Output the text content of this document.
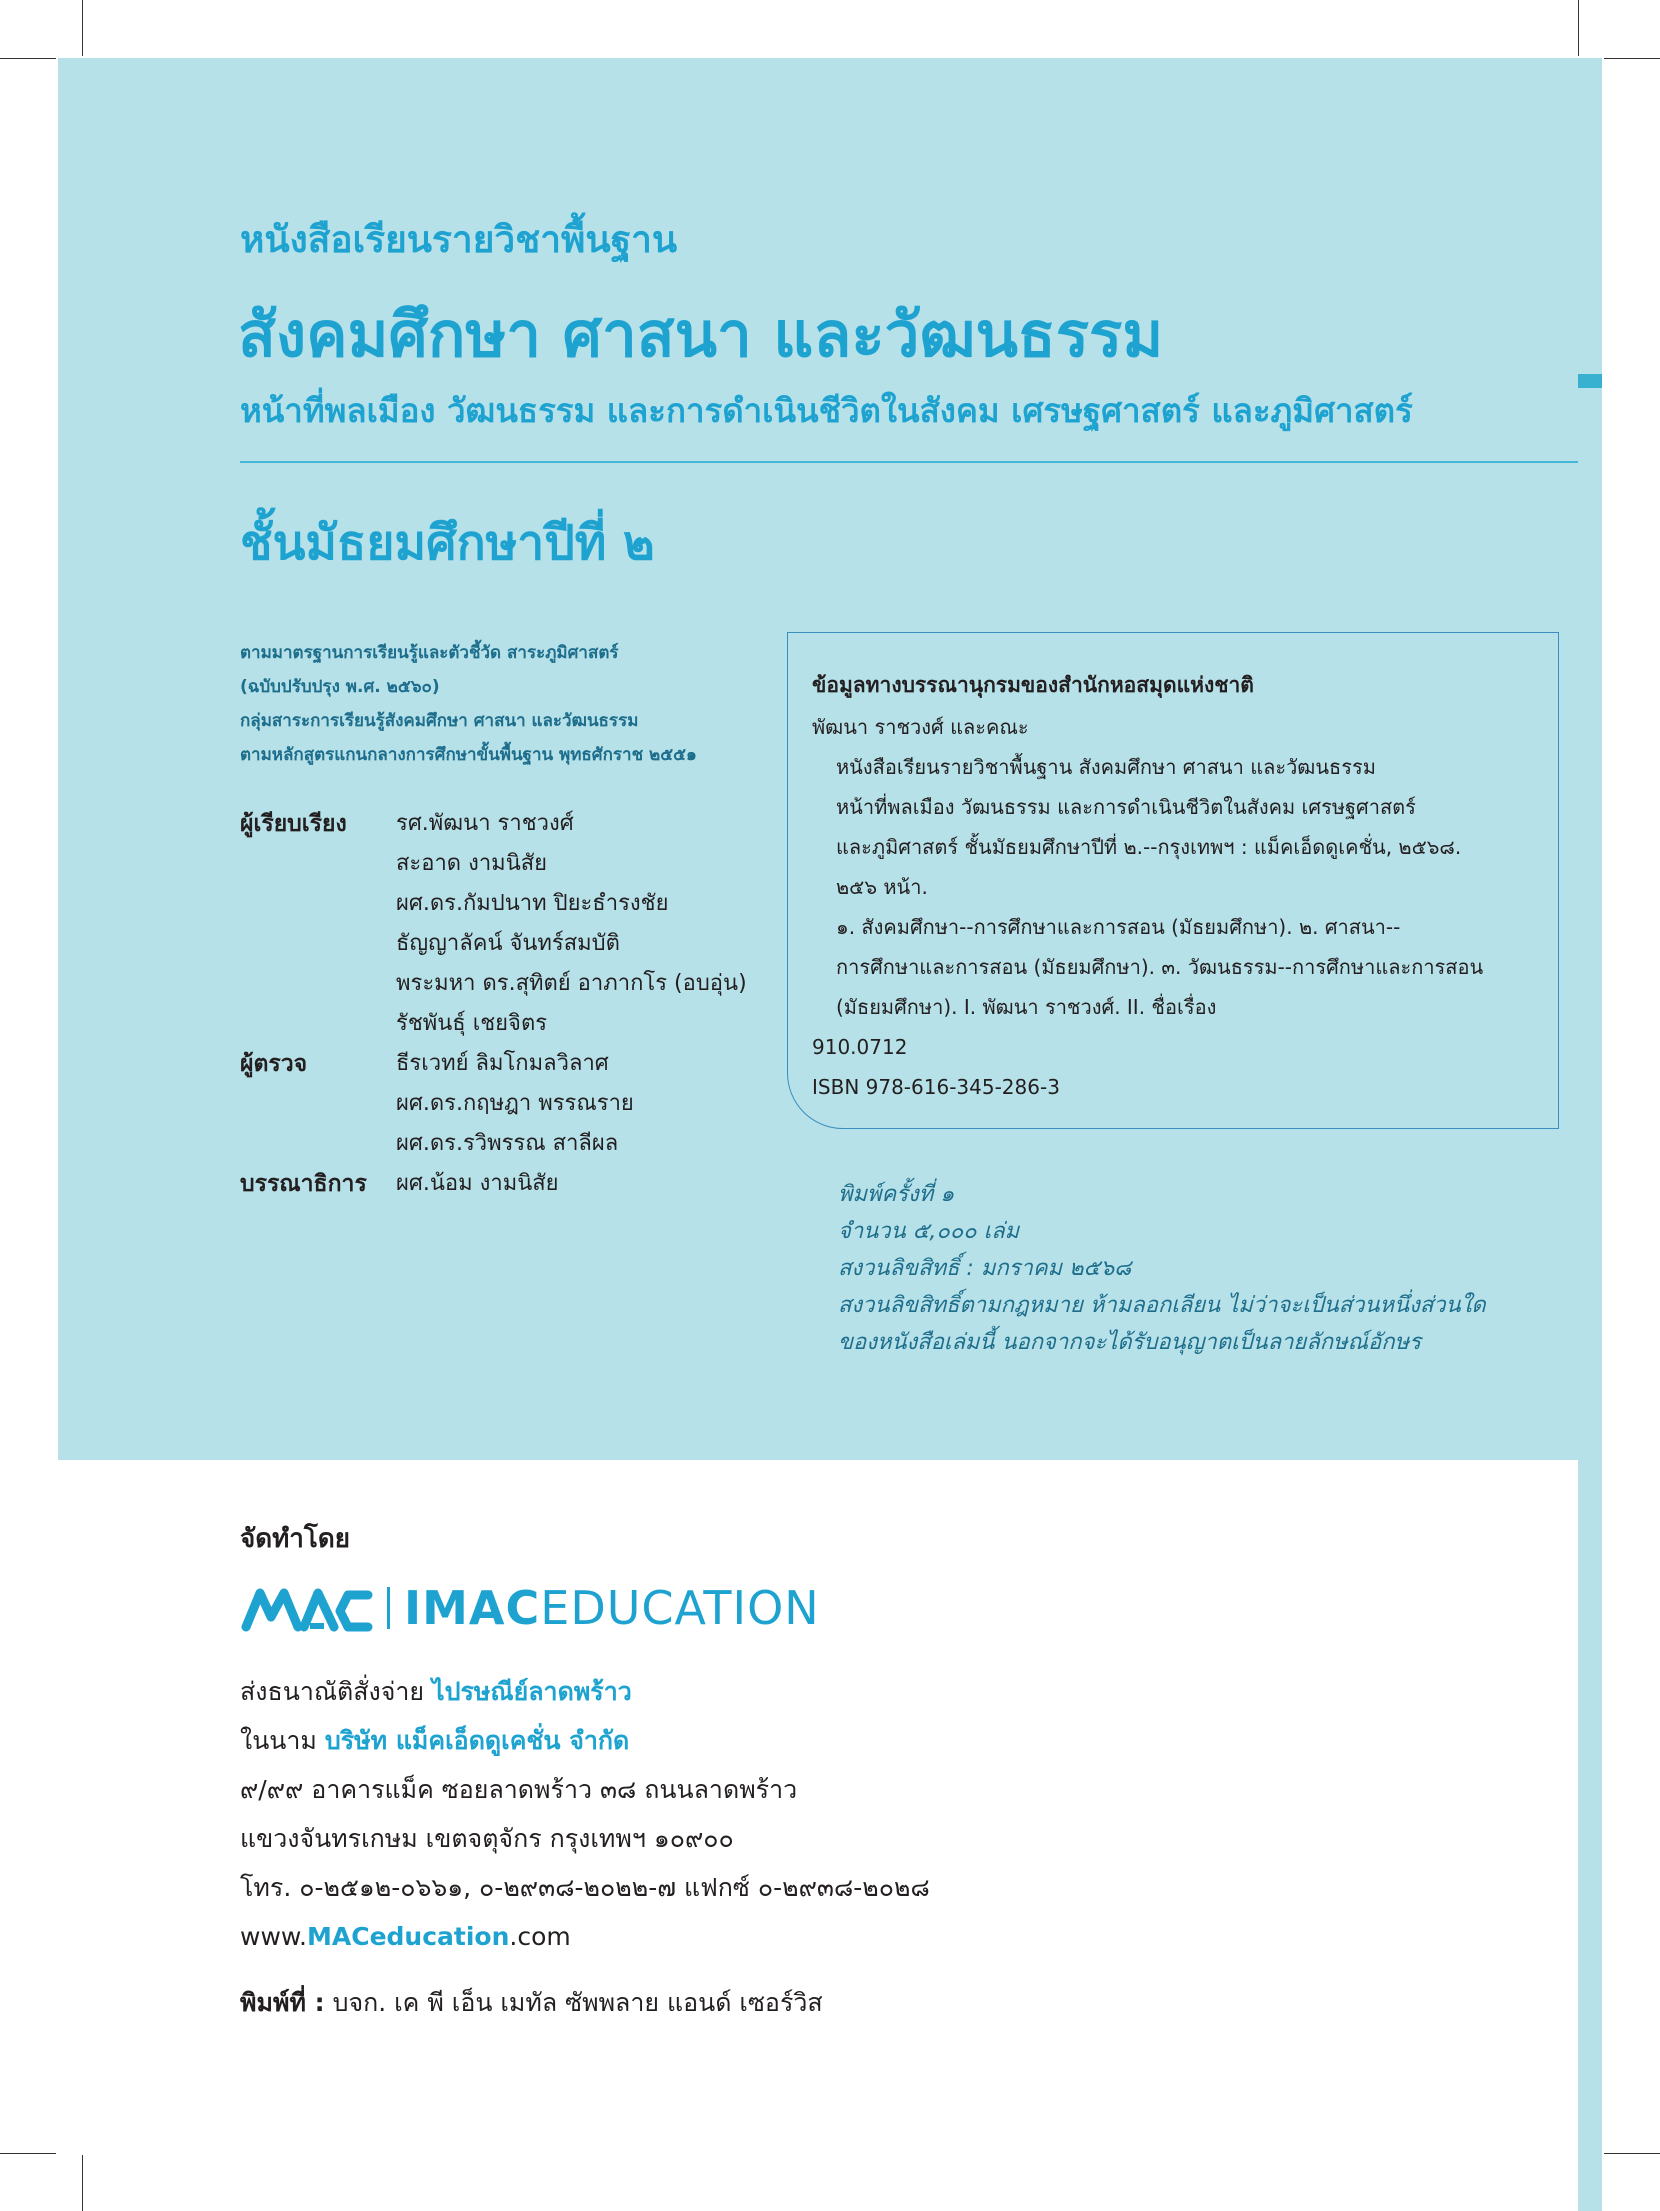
หนังสือเรียนรายวิชาพื้นฐาน
สังคมศึกษา ศาสนา และวัฒนธรรม
หน้าที่พลเมือง วัฒนธรรม และการดำเนินชีวิตในสังคม เศรษฐศาสตร์ และภูมิศาสตร์
ชั้นมัธยมศึกษาปีที่ ๒
ตามมาตรฐานการเรียนรู้และตัวชี้วัด สาระภูมิศาสตร์
(ฉบับปรับปรุง พ.ศ. ๒๕๖๐)
กลุ่มสาระการเรียนรู้สังคมศึกษา ศาสนา และวัฒนธรรม
ตามหลักสูตรแกนกลางการศึกษาขั้นพื้นฐาน พุทธศักราช ๒๕๕๑
ผู้เรียบเรียง	รศ.พัฒนา ราชวงศ์
สะอาด งามนิสัย
ผศ.ดร.กัมปนาท ปิยะธำรงชัย
ธัญญาลัคน์ จันทร์สมบัติ
พระมหา ดร.สุทิตย์ อาภากโร (อบอุ่น)
รัชพันธุ์ เชยจิตร
ผู้ตรวจ	ธีรเวทย์ ลิมโกมลวิลาศ
ผศ.ดร.กฤษฎา พรรณราย
ผศ.ดร.รวิพรรณ สาลีผล
บรรณาธิการ	ผศ.น้อม งามนิสัย
ข้อมูลทางบรรณานุกรมของสำนักหอสมุดแห่งชาติ
พัฒนา ราชวงศ์ และคณะ
หนังสือเรียนรายวิชาพื้นฐาน สังคมศึกษา ศาสนา และวัฒนธรรม
หน้าที่พลเมือง วัฒนธรรม และการดำเนินชีวิตในสังคม เศรษฐศาสตร์
และภูมิศาสตร์ ชั้นมัธยมศึกษาปีที่ ๒.--กรุงเทพฯ : แม็คเอ็ดดูเคชั่น, ๒๕๖๘.
๒๕๖ หน้า.
๑. สังคมศึกษา--การศึกษาและการสอน (มัธยมศึกษา). ๒. ศาสนา--
การศึกษาและการสอน (มัธยมศึกษา). ๓. วัฒนธรรม--การศึกษาและการสอน
(มัธยมศึกษา). I. พัฒนา ราชวงศ์. II. ชื่อเรื่อง
910.0712
ISBN 978-616-345-286-3
พิมพ์ครั้งที่ ๑
จำนวน ๕,๐๐๐ เล่ม
สงวนลิขสิทธิ์ : มกราคม ๒๕๖๘
สงวนลิขสิทธิ์ตามกฎหมาย ห้ามลอกเลียน ไม่ว่าจะเป็นส่วนหนึ่งส่วนใด
ของหนังสือเล่มนี้ นอกจากจะได้รับอนุญาตเป็นลายลักษณ์อักษร
จัดทำโดย
IMACEDUCATION
ส่งธนาณัติสั่งจ่าย ไปรษณีย์ลาดพร้าว
ในนาม บริษัท แม็คเอ็ดดูเคชั่น จำกัด
๙/๙๙ อาคารแม็ค ซอยลาดพร้าว ๓๘ ถนนลาดพร้าว
แขวงจันทรเกษม เขตจตุจักร กรุงเทพฯ ๑๐๙๐๐
โทร. ๐-๒๕๑๒-๐๖๖๑, ๐-๒๙๓๘-๒๐๒๒-๗ แฟกซ์ ๐-๒๙๓๘-๒๐๒๘
www.MACeducation.com
พิมพ์ที่ : บจก. เค พี เอ็น เมทัล ซัพพลาย แอนด์ เซอร์วิส
